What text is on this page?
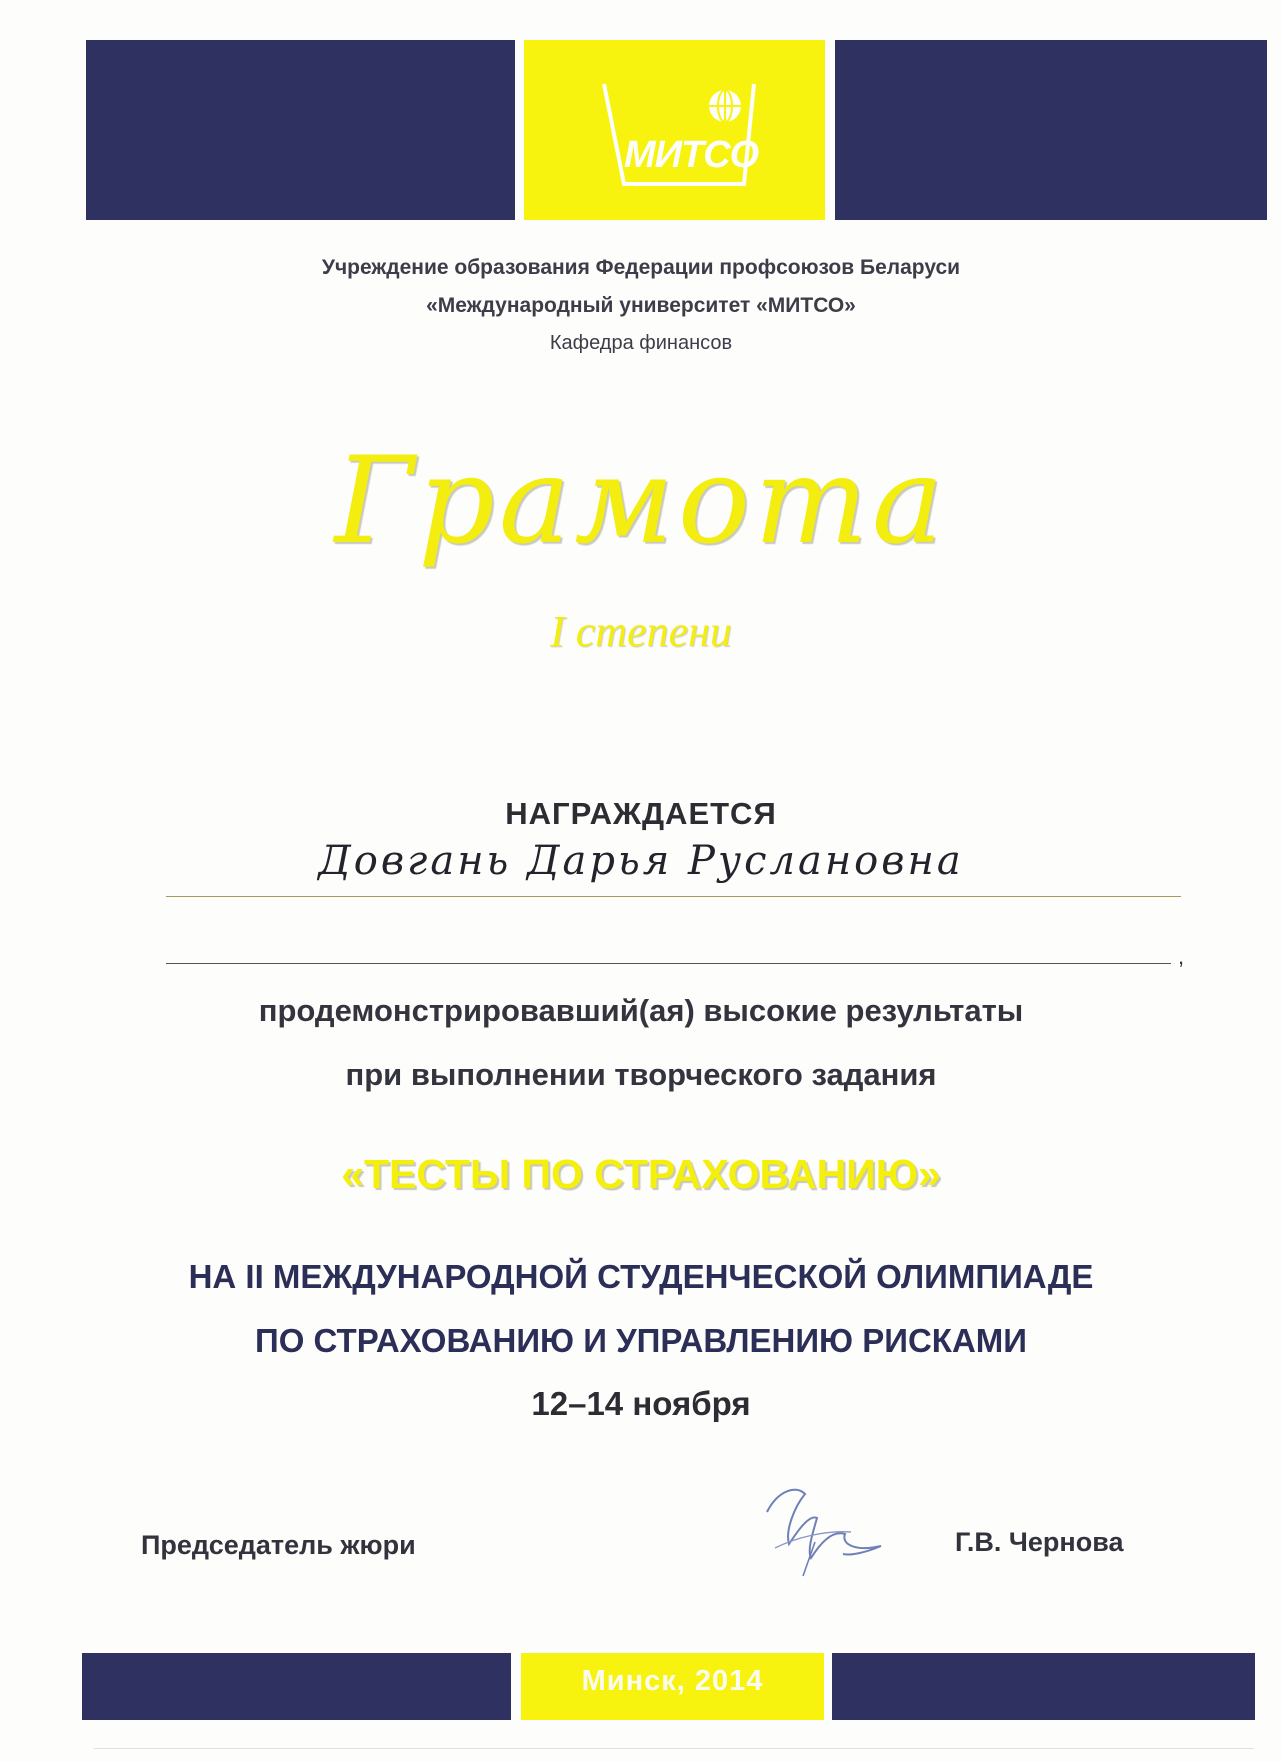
МИТСО
Учреждение образования Федерации профсоюзов Беларуси
«Международный университет «МИТСО»
Кафедра финансов
Грамота
I степени
НАГРАЖДАЕТСЯ
Довгань Дарья Руслановна
,
продемонстрировавший(ая) высокие результаты
при выполнении творческого задания
«ТЕСТЫ ПО СТРАХОВАНИЮ»
НА II МЕЖДУНАРОДНОЙ СТУДЕНЧЕСКОЙ ОЛИМПИАДЕ
ПО СТРАХОВАНИЮ И УПРАВЛЕНИЮ РИСКАМИ
12–14 ноября
Председатель жюри	Г.В. Чернова
Минск, 2014
